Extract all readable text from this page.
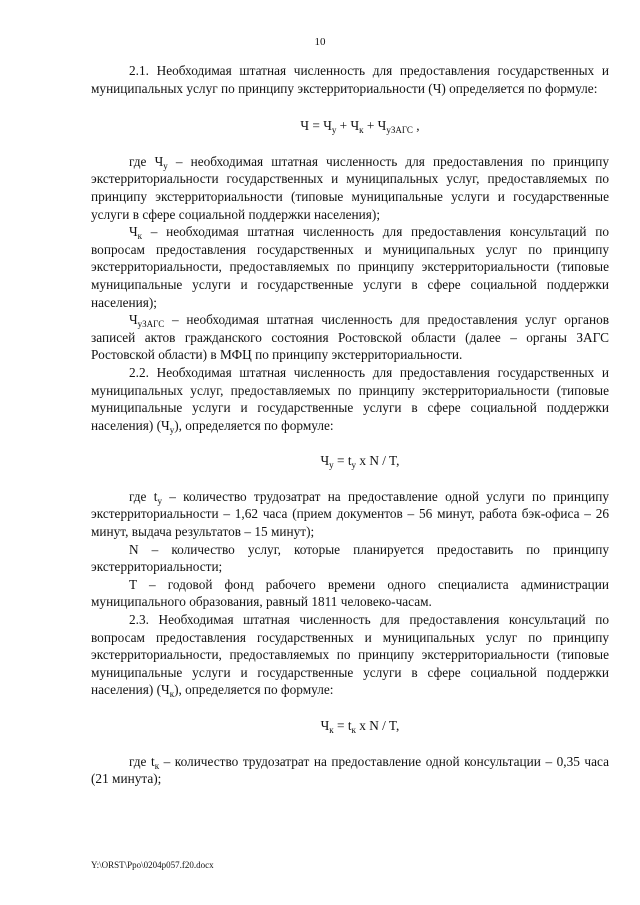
10

2.1. Необходимая штатная численность для предоставления государственных и муниципальных услуг по принципу экстерриториальности (Ч) определяется по формуле:

$Ч = Ч_у + Ч_к + Ч_{уЗАГС}$ ,

где $Ч_у$ – необходимая штатная численность для предоставления по принципу экстерриториальности государственных и муниципальных услуг, предоставляемых по принципу экстерриториальности (типовые муниципальные услуги и государственные услуги в сфере социальной поддержки населения);

$Ч_к$ – необходимая штатная численность для предоставления консультаций по вопросам предоставления государственных и муниципальных услуг по принципу экстерриториальности, предоставляемых по принципу экстерриториальности (типовые муниципальные услуги и государственные услуги в сфере социальной поддержки населения);

$Ч_{уЗАГС}$ – необходимая штатная численность для предоставления услуг органов записей актов гражданского состояния Ростовской области (далее – органы ЗАГС Ростовской области) в МФЦ по принципу экстерриториальности.

2.2. Необходимая штатная численность для предоставления государственных и муниципальных услуг, предоставляемых по принципу экстерриториальности (типовые муниципальные услуги и государственные услуги в сфере социальной поддержки населения) $(Ч_у)$, определяется по формуле:

$Ч_у = t_у$ x N / T,

где $t_у$ – количество трудозатрат на предоставление одной услуги по принципу экстерриториальности – 1,62 часа (прием документов – 56 минут, работа бэк-офиса – 26 минут, выдача результатов – 15 минут);

N – количество услуг, которые планируется предоставить по принципу экстерриториальности;

T – годовой фонд рабочего времени одного специалиста администрации муниципального образования, равный 1811 человеко-часам.

2.3. Необходимая штатная численность для предоставления консультаций по вопросам предоставления государственных и муниципальных услуг по принципу экстерриториальности, предоставляемых по принципу экстерриториальности (типовые муниципальные услуги и государственные услуги в сфере социальной поддержки населения) $(Ч_к)$, определяется по формуле:

$Ч_к = t_к$ x N / T,

где $t_к$ – количество трудозатрат на предоставление одной консультации – 0,35 часа (21 минута);

Y:\ORST\Ppo\0204p057.f20.docx
